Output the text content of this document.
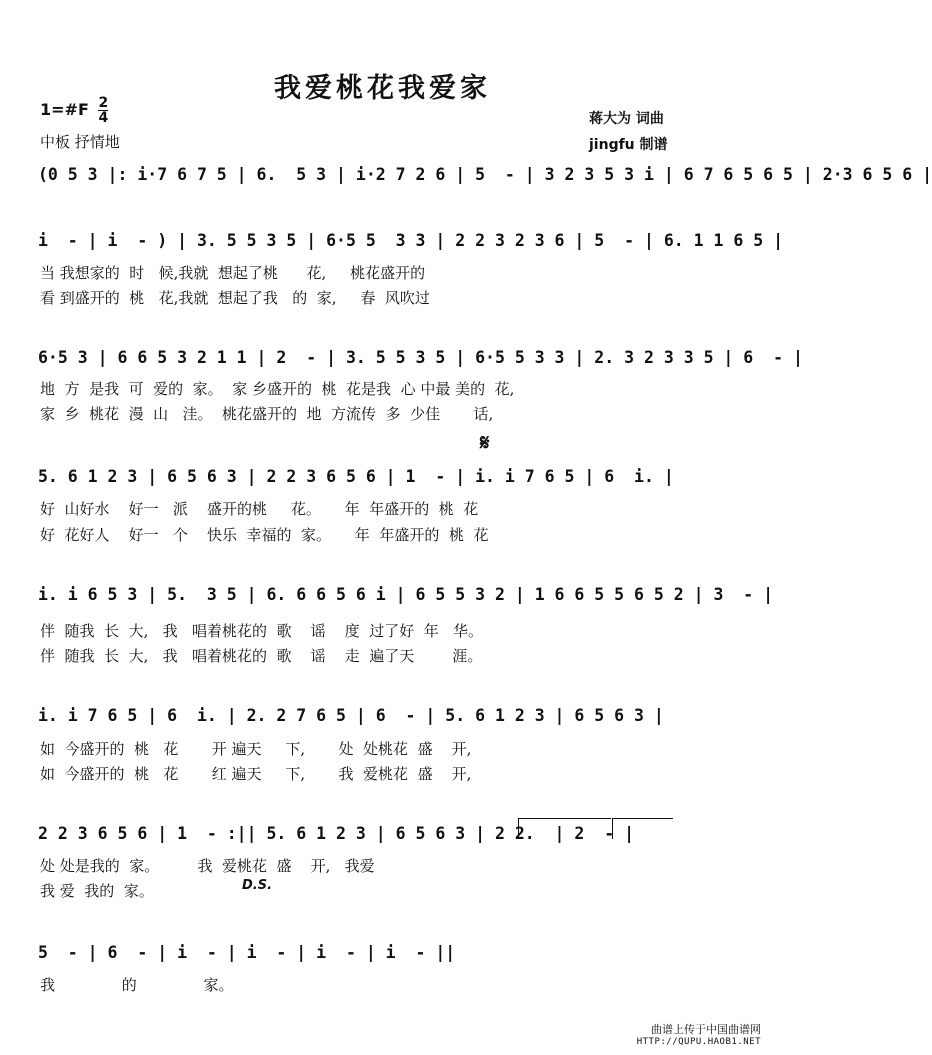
我爱桃花我爱家
1=#F $\frac{2}{4}$
中板 抒情地
蒋大为 词曲
jingfu 制谱
(0 5 3 |: i·7 6 7 5 | 6.  5 3 | i·2 7 2 6 | 5  - | 3 2 3 5 3 i | 6 7 6 5 6 5 | 2·3 6 5 6 |
i  - | i  - ) | 3. 5 5 3 5 | 6·5 5  3 3 | 2 2 3 2 3 6 | 5  - | 6. 1 1 6 5 |
当 我想家的  时   候,我就  想起了桃      花,     桃花盛开的
看 到盛开的  桃   花,我就  想起了我   的  家,     春  风吹过
6·5 3 | 6 6 5 3 2 1 1 | 2  - | 3. 5 5 3 5 | 6·5 5 3 3 | 2. 3 2 3 3 5 | 6  - |
地  方  是我  可  爱的  家。  家 乡盛开的  桃  花是我  心 中最 美的  花,
家  乡  桃花  漫  山   洼。  桃花盛开的  地  方流传  多  少佳       话,
𝄋
5. 6 1 2 3 | 6 5 6 3 | 2 2 3 6 5 6 | 1  - | i. i 7 6 5 | 6  i. |
好  山好水    好一   派    盛开的桃     花。     年  年盛开的  桃  花
好  花好人    好一   个    快乐  幸福的  家。     年  年盛开的  桃  花
i. i 6 5 3 | 5.  3 5 | 6. 6 6 5 6 i | 6 5 5 3 2 | 1 6 6 5 5 6 5 2 | 3  - |
伴  随我  长  大,   我   唱着桃花的  歌    谣    度  过了好  年   华。
伴  随我  长  大,   我   唱着桃花的  歌    谣    走  遍了天        涯。
i. i 7 6 5 | 6  i. | 2. 2 7 6 5 | 6  - | 5. 6 1 2 3 | 6 5 6 3 |
如  今盛开的  桃   花       开 遍天     下,       处  处桃花  盛    开,
如  今盛开的  桃   花       红 遍天     下,       我  爱桃花  盛    开,
2 2 3 6 5 6 | 1  - :|| 5. 6 1 2 3 | 6 5 6 3 | 2 2.  | 2  - |
处 处是我的  家。        我  爱桃花  盛    开,   我爱
我 爱  我的  家。	D.S.
5  - | 6  - | i  - | i  - | i  - | i  - ||
我              的              家。
曲谱上传于中国曲谱网
HTTP://QUPU.HAOB1.NET
